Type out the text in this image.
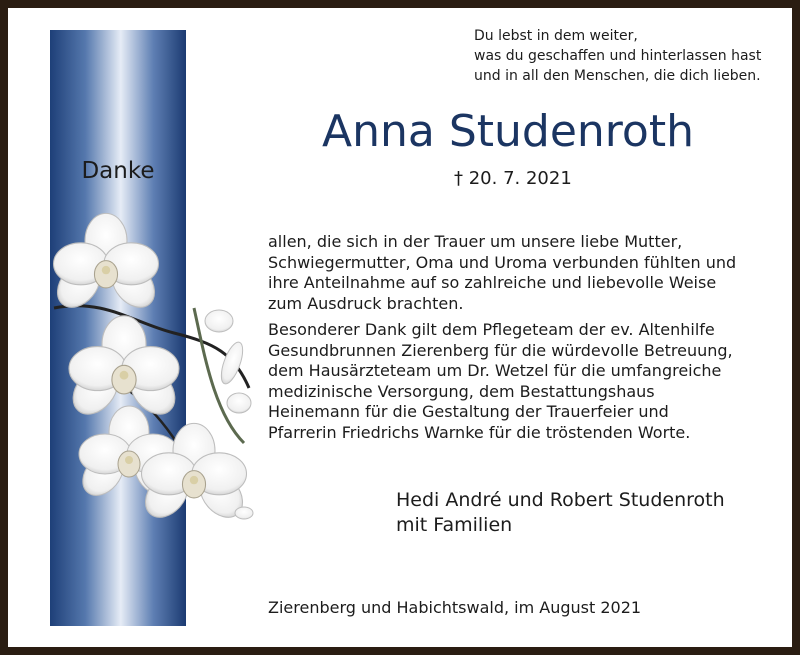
Danke
Du lebst in dem weiter,
was du geschaffen und hinterlassen hast
und in all den Menschen, die dich lieben.
Anna Studenroth
† 20. 7. 2021
allen, die sich in der Trauer um unsere liebe Mutter,
Schwiegermutter, Oma und Uroma verbunden fühlten und
ihre Anteilnahme auf so zahlreiche und liebevolle Weise
zum Ausdruck brachten.
Besonderer Dank gilt dem Pflegeteam der ev. Altenhilfe
Gesundbrunnen Zierenberg für die würdevolle Betreuung,
dem Hausärzteteam um Dr. Wetzel für die umfangreiche
medizinische Versorgung, dem Bestattungshaus
Heinemann für die Gestaltung der Trauerfeier und
Pfarrerin Friedrichs Warnke für die tröstenden Worte.
Hedi André und Robert Studenroth
mit Familien
Zierenberg und Habichtswald, im August 2021
